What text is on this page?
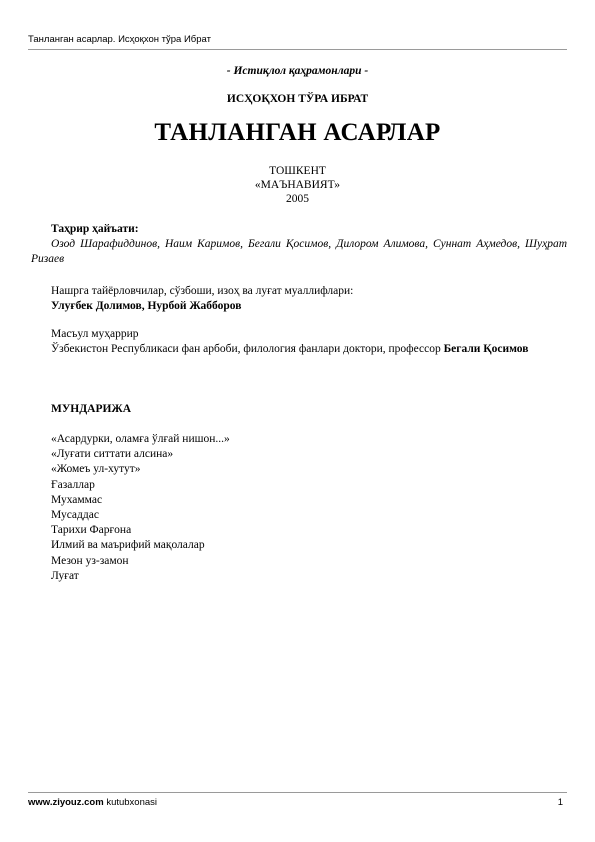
Танланган асарлар. Исҳоқхон тўра Ибрат
- Истиқлол қаҳрамонлари -
ИСҲОҚХОН ТЎРА ИБРАТ
ТАНЛАНГАН АСАРЛАР
ТОШКЕНТ
«МАЪНАВИЯТ»
2005
Таҳрир ҳайъати:
Озод Шарафиддинов, Наим Каримов, Бегали Қосимов, Дилором Алимова, Суннат Аҳмедов, Шуҳрат Ризаев
Нашрга тайёрловчилар, сўзбоши, изоҳ ва луғат муаллифлари:
Улуғбек Долимов, Нурбой Жабборов
Масъул муҳаррир
Ўзбекистон Республикаси фан арбоби, филология фанлари доктори, профессор Бегали Қосимов
МУНДАРИЖА
«Асардурки, оламға ўлғай нишон...»
«Луғати ситтати алсина»
«Жомеъ ул-хутут»
Ғазаллар
Мухаммас
Мусаддас
Тарихи Фарғона
Илмий ва маърифий мақолалар
Мезон уз-замон
Луғат
www.ziyouz.com kutubxonasi	1
